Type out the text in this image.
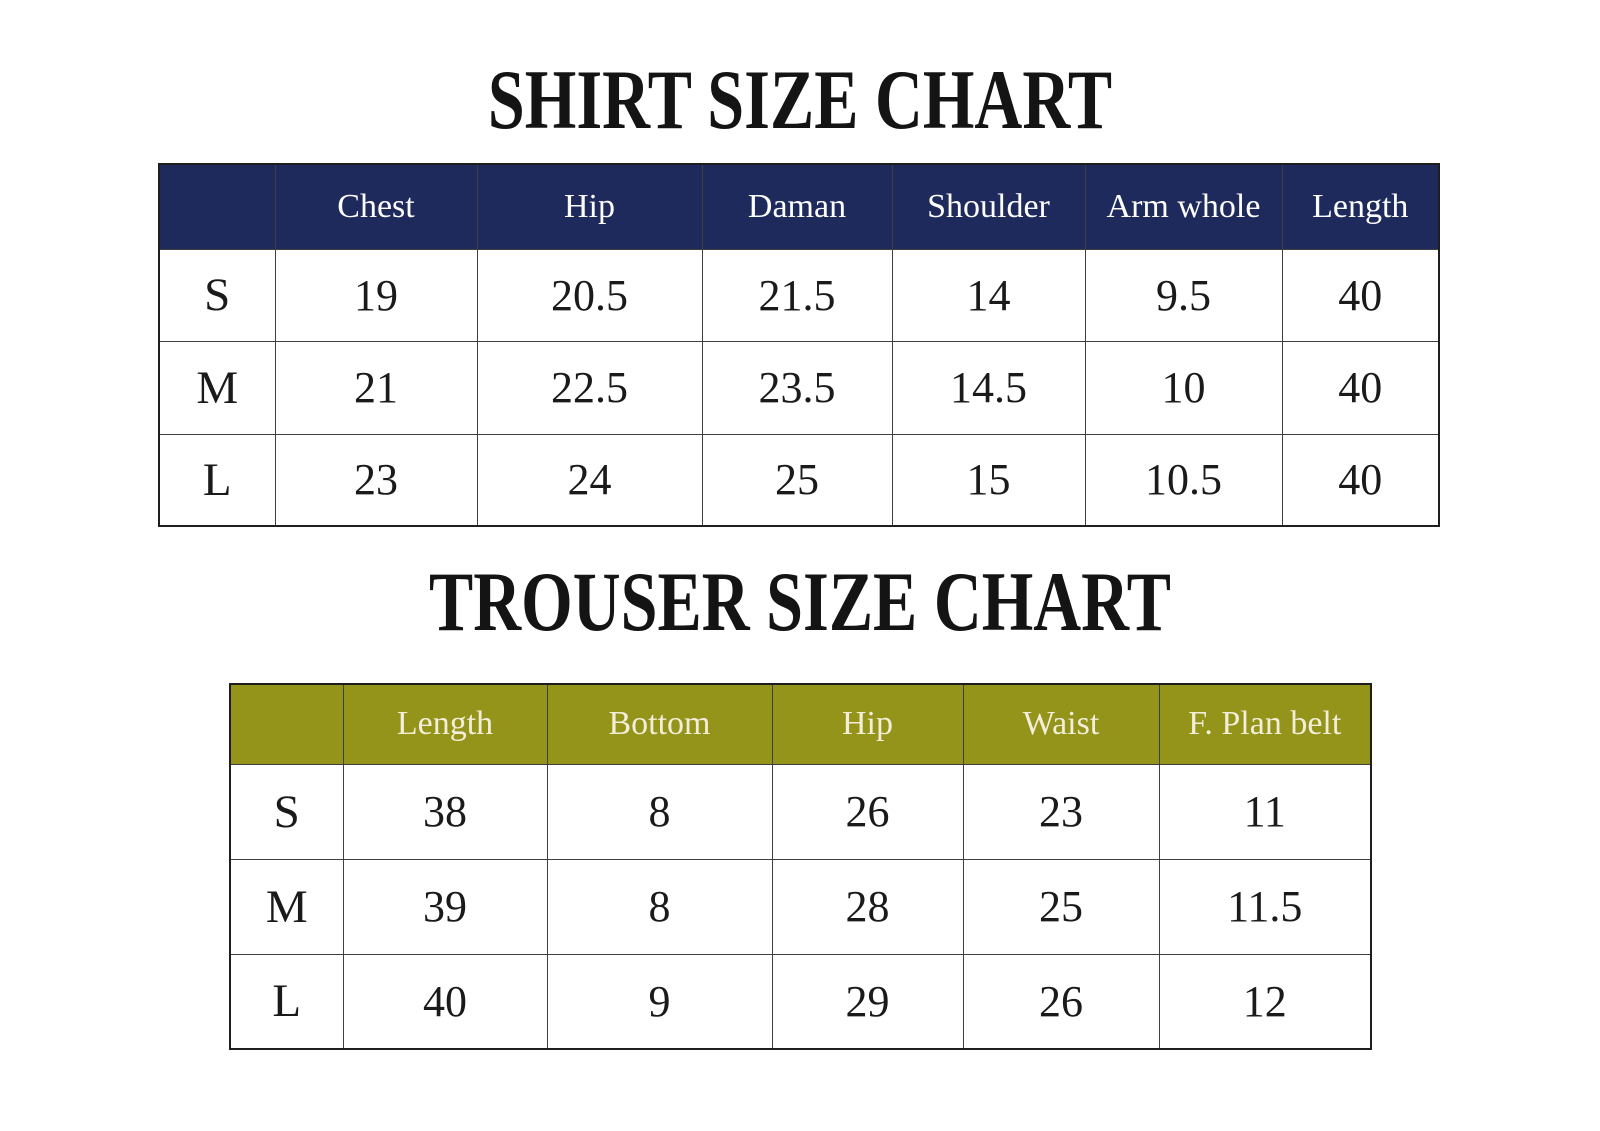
SHIRT SIZE CHART
	Chest	Hip	Daman	Shoulder	Arm whole	Length
S	19	20.5	21.5	14	9.5	40
M	21	22.5	23.5	14.5	10	40
L	23	24	25	15	10.5	40
TROUSER SIZE CHART
	Length	Bottom	Hip	Waist	F. Plan belt
S	38	8	26	23	11
M	39	8	28	25	11.5
L	40	9	29	26	12
